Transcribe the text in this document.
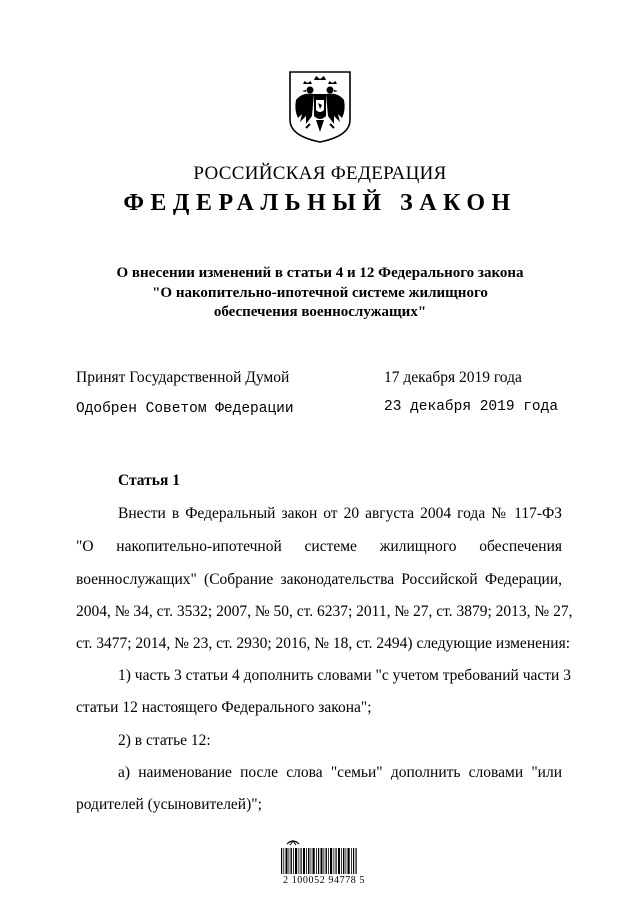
РОССИЙСКАЯ ФЕДЕРАЦИЯ
ФЕДЕРАЛЬНЫЙ ЗАКОН
О внесении изменений в статьи 4 и 12 Федерального закона
"О накопительно-ипотечной системе жилищного
обеспечения военнослужащих"
Принят Государственной Думой	17 декабря 2019 года
Одобрен Советом Федерации	23 декабря 2019 года
Статья 1
Внести в Федеральный закон от 20 августа 2004 года № 117-ФЗ
"О накопительно-ипотечной системе жилищного обеспечения
военнослужащих" (Собрание законодательства Российской Федерации,
2004, № 34, ст. 3532; 2007, № 50, ст. 6237; 2011, № 27, ст. 3879; 2013, № 27,
ст. 3477; 2014, № 23, ст. 2930; 2016, № 18, ст. 2494) следующие изменения:
1) часть 3 статьи 4 дополнить словами "с учетом требований части 3
статьи 12 настоящего Федерального закона";
2) в статье 12:
а) наименование после слова "семьи" дополнить словами "или
родителей (усыновителей)";
2 100052 94778 5
